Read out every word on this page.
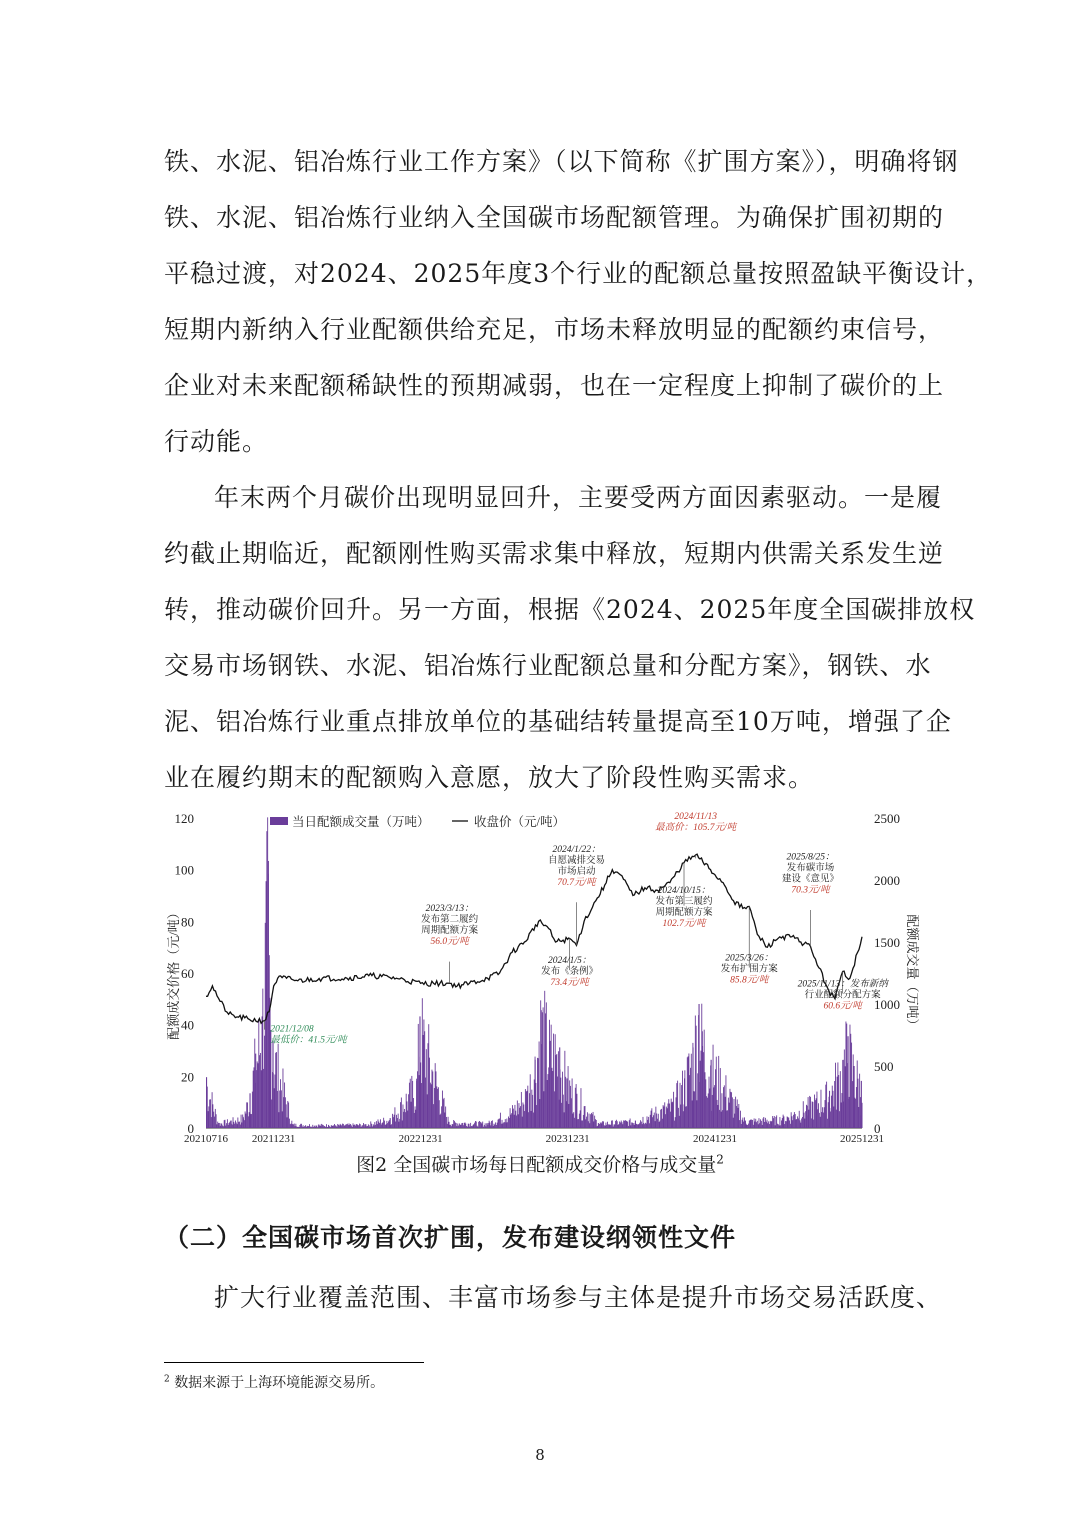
铁、水泥、铝冶炼行业工作方案》（以下简称《扩围方案》），明确将钢
铁、水泥、铝冶炼行业纳入全国碳市场配额管理。为确保扩围初期的
平稳过渡，对2024、2025年度3个行业的配额总量按照盈缺平衡设计，
短期内新纳入行业配额供给充足，市场未释放明显的配额约束信号，
企业对未来配额稀缺性的预期减弱，也在一定程度上抑制了碳价的上
行动能。
年末两个月碳价出现明显回升，主要受两方面因素驱动。一是履
约截止期临近，配额刚性购买需求集中释放，短期内供需关系发生逆
转，推动碳价回升。另一方面，根据《2024、2025年度全国碳排放权
交易市场钢铁、水泥、铝冶炼行业配额总量和分配方案》，钢铁、水
泥、铝冶炼行业重点排放单位的基础结转量提高至10万吨，增强了企
业在履约期末的配额购入意愿，放大了阶段性购买需求。
0
20
40
60
80
100
120
0
500
1000
1500
2000
2500
20210716 20211231	20221231	20231231	20241231	20251231
配额成交价格（元/吨）	配额成交量（万吨）
2021/12/08
最低价：41.5元/吨
2023/3/13：
发布第二履约
周期配额方案
56.0元/吨
2024/1/22：
自愿减排交易
市场启动
70.7元/吨
2024/1/5：
发布《条例》
73.4元/吨
2024/11/13
最高价：105.7元/吨
2024/10/15：
发布第三履约
周期配额方案
102.7元/吨
2025/3/26：
发布扩围方案
85.8元/吨
2025/8/25：
发布碳市场
建设《意见》
70.3元/吨
2025/11/13：发布新纳
行业配额分配方案
60.6元/吨
当日配额成交量（万吨）	收盘价（元/吨）
图2 全国碳市场每日配额成交价格与成交量$^2$
（二）全国碳市场首次扩围，发布建设纲领性文件
扩大行业覆盖范围、丰富市场参与主体是提升市场交易活跃度、
$^2$ 数据来源于上海环境能源交易所。
8
